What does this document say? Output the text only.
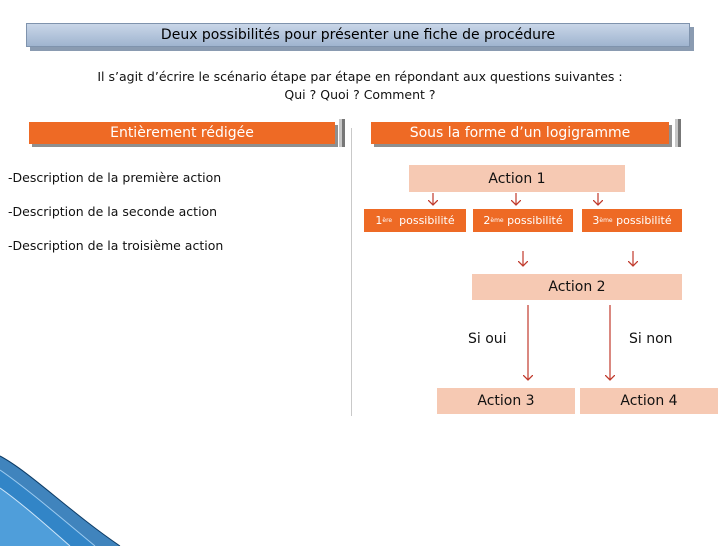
Deux possibilités pour présenter une fiche de procédure
Il s’agit d’écrire le scénario étape par étape en répondant aux questions suivantes :
Qui ? Quoi ? Comment ?
Entièrement rédigée	Sous la forme d’un logigramme
-Description de la première action
-Description de la seconde action
-Description de la troisième action
Action 1
1 ère
possibilité	2 ème
possibilité	3 ème
possibilité
Action 2
Si oui	Si non
Action 3	Action 4
